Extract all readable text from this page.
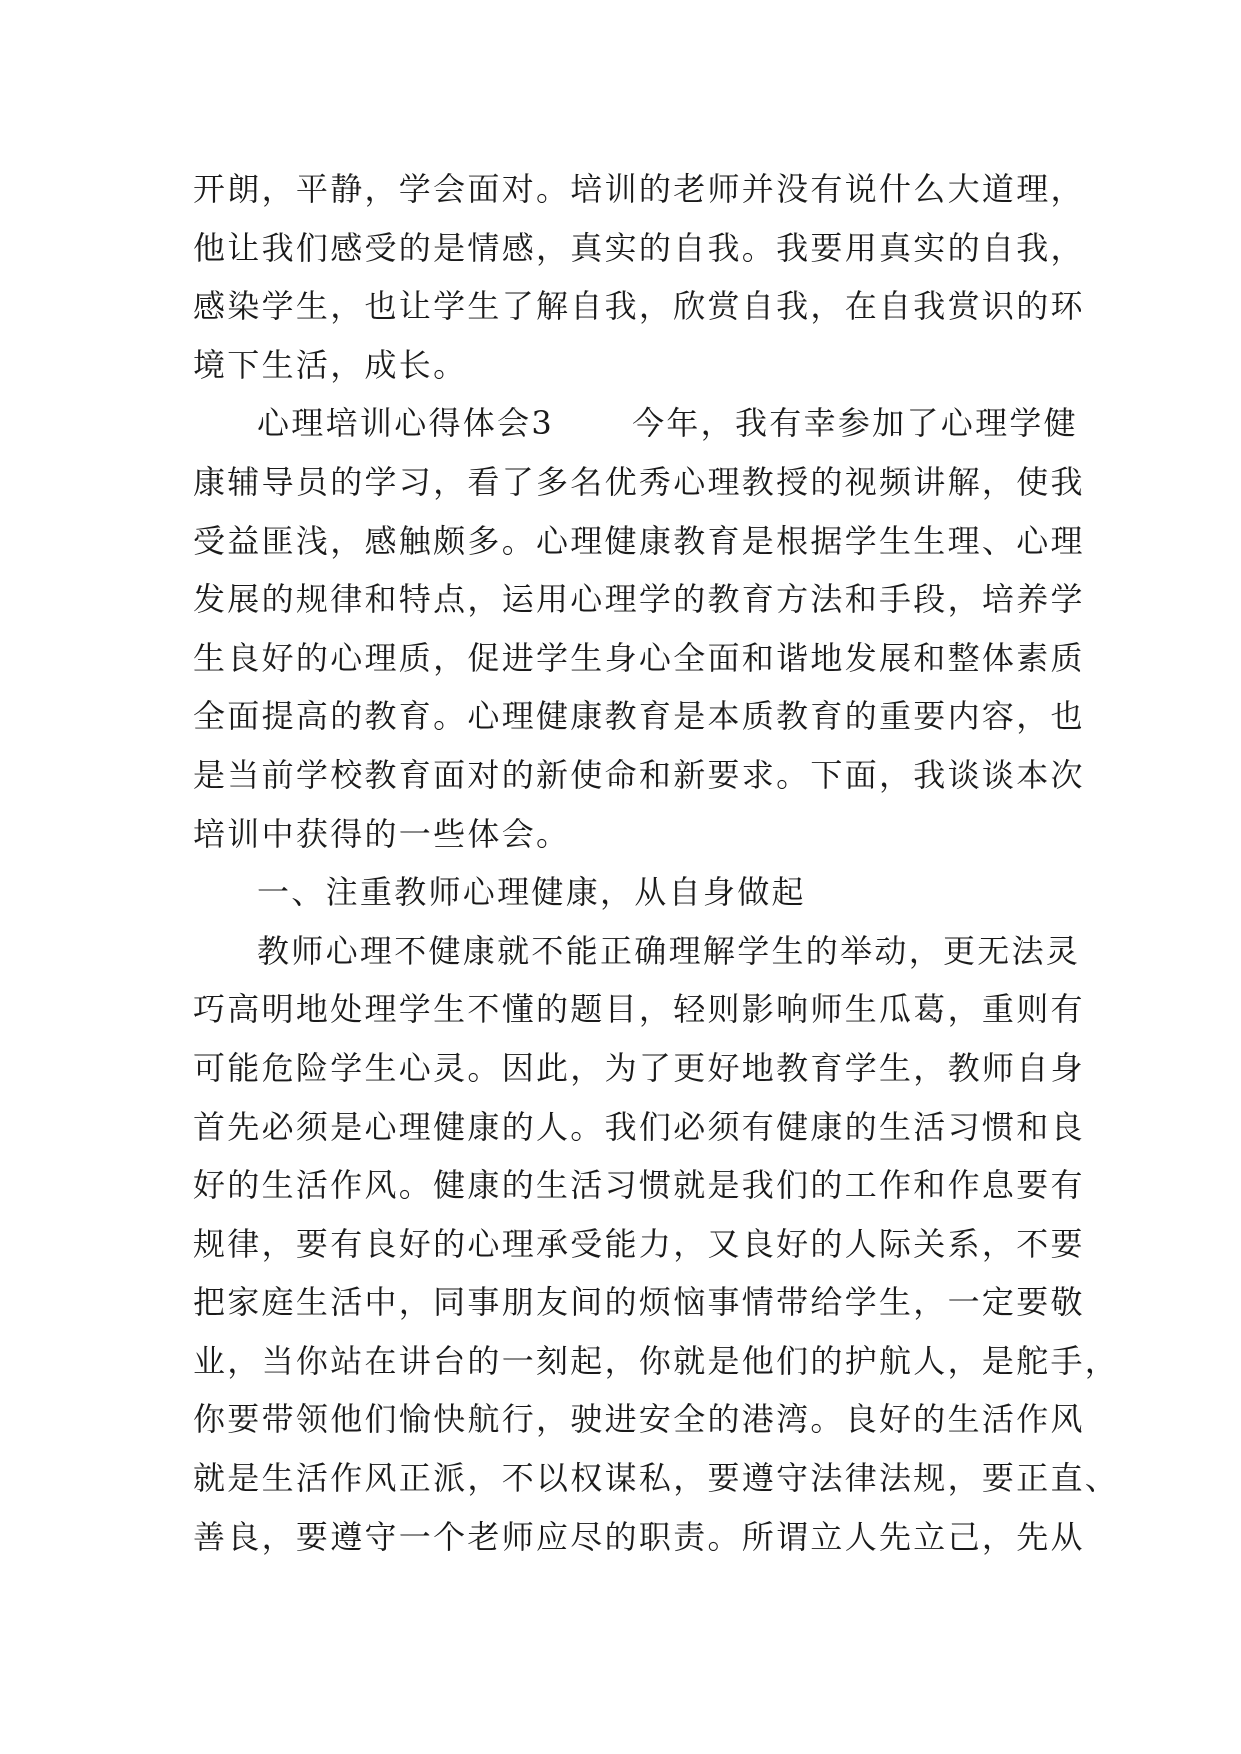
开朗，平静，学会面对。培训的老师并没有说什么大道理，
他让我们感受的是情感，真实的自我。我要用真实的自我，
感染学生，也让学生了解自我，欣赏自我，在自我赏识的环
境下生活，成长。
心理培训心得体会3 今年，我有幸参加了心理学健
康辅导员的学习，看了多名优秀心理教授的视频讲解，使我
受益匪浅，感触颇多。心理健康教育是根据学生生理、心理
发展的规律和特点，运用心理学的教育方法和手段，培养学
生良好的心理质，促进学生身心全面和谐地发展和整体素质
全面提高的教育。心理健康教育是本质教育的重要内容，也
是当前学校教育面对的新使命和新要求。下面，我谈谈本次
培训中获得的一些体会。
一、注重教师心理健康，从自身做起
教师心理不健康就不能正确理解学生的举动，更无法灵
巧高明地处理学生不懂的题目，轻则影响师生瓜葛，重则有
可能危险学生心灵。因此，为了更好地教育学生，教师自身
首先必须是心理健康的人。我们必须有健康的生活习惯和良
好的生活作风。健康的生活习惯就是我们的工作和作息要有
规律，要有良好的心理承受能力，又良好的人际关系，不要
把家庭生活中，同事朋友间的烦恼事情带给学生，一定要敬
业，当你站在讲台的一刻起，你就是他们的护航人，是舵手，
你要带领他们愉快航行，驶进安全的港湾。良好的生活作风
就是生活作风正派，不以权谋私，要遵守法律法规，要正直、
善良，要遵守一个老师应尽的职责。所谓立人先立己，先从
